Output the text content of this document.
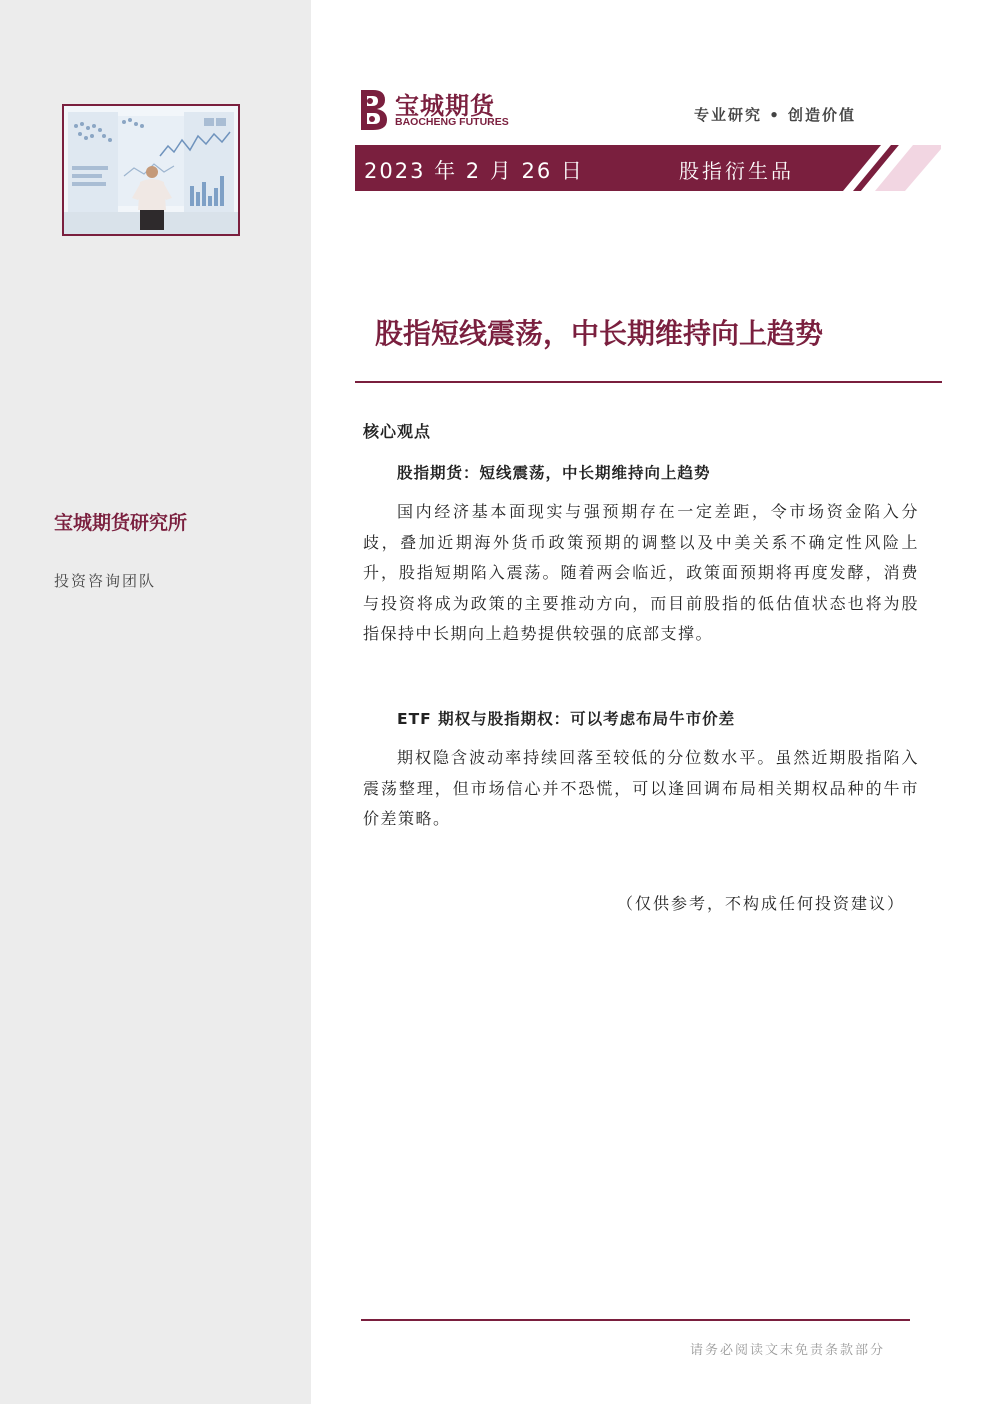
宝城期货研究所
投资咨询团队
宝城期货
BAOCHENG FUTURES	专业研究 • 创造价值
2023 年 2 月 26 日	股指衍生品
股指短线震荡，中长期维持向上趋势
核心观点
股指期货：短线震荡，中长期维持向上趋势

国内经济基本面现实与强预期存在一定差距，令市场资金陷入分歧，叠加近期海外货币政策预期的调整以及中美关系不确定性风险上升，股指短期陷入震荡。随着两会临近，政策面预期将再度发酵，消费与投资将成为政策的主要推动方向，而目前股指的低估值状态也将为股指保持中长期向上趋势提供较强的底部支撑。

ETF 期权与股指期权：可以考虑布局牛市价差

期权隐含波动率持续回落至较低的分位数水平。虽然近期股指陷入震荡整理，但市场信心并不恐慌，可以逢回调布局相关期权品种的牛市价差策略。

（仅供参考，不构成任何投资建议）
请务必阅读文末免责条款部分
